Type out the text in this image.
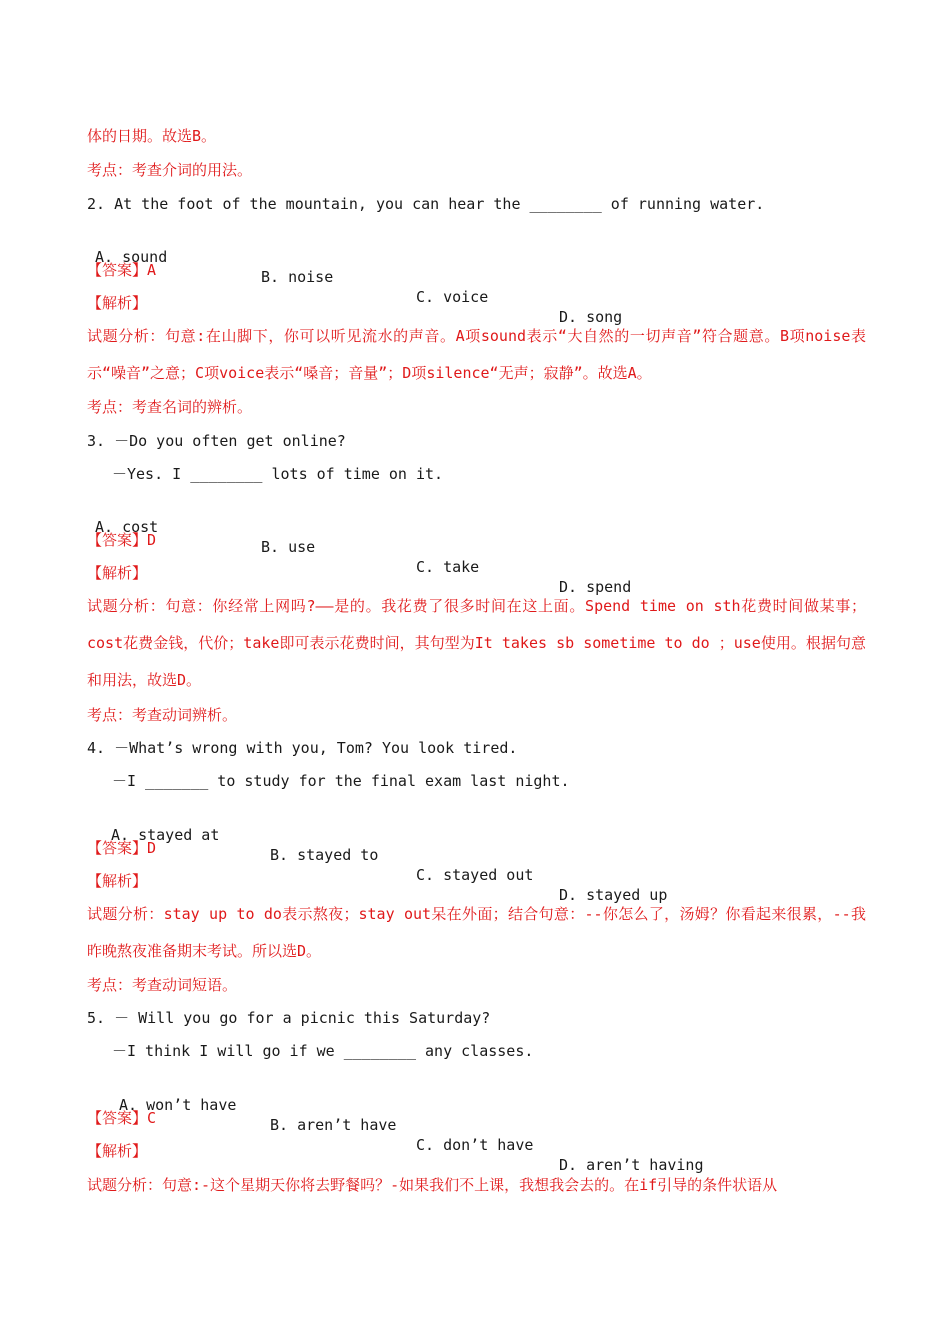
体的日期。故选B。
考点：考查介词的用法。
2. At the foot of the mountain, you can hear the ________ of running water.

A. sound

B. noise

C. voice

D. song

【答案】A
【解析】
试题分析：句意:在山脚下，你可以听见流水的声音。A项sound表示“大自然的一切声音”符合题意。B项noise表示“噪音”之意；C项voice表示“嗓音；音量”；D项silence“无声；寂静”。故选A。
考点：考查名词的辨析。
3. －Do you often get online?
－Yes. I ________ lots of time on it.

A. cost

B. use

C. take

D. spend

【答案】D
【解析】
试题分析：句意：你经常上网吗?——是的。我花费了很多时间在这上面。Spend time on sth花费时间做某事；cost花费金钱，代价；take即可表示花费时间，其句型为It takes sb sometime to do ；use使用。根据句意和用法，故选D。
考点：考查动词辨析。
4. －What’s wrong with you, Tom? You look tired.
－I _______ to study for the final exam last night.

A. stayed at

B. stayed to

C. stayed out

D. stayed up

【答案】D
【解析】
试题分析：stay up to do表示熬夜；stay out呆在外面；结合句意：--你怎么了，汤姆？你看起来很累，--我昨晚熬夜准备期末考试。所以选D。
考点：考查动词短语。
5. － Will you go for a picnic this Saturday?
－I think I will go if we ________ any classes.

A. won’t have

B. aren’t have

C. don’t have

D. aren’t having

【答案】C
【解析】
试题分析：句意:-这个星期天你将去野餐吗？-如果我们不上课，我想我会去的。在if引导的条件状语从
